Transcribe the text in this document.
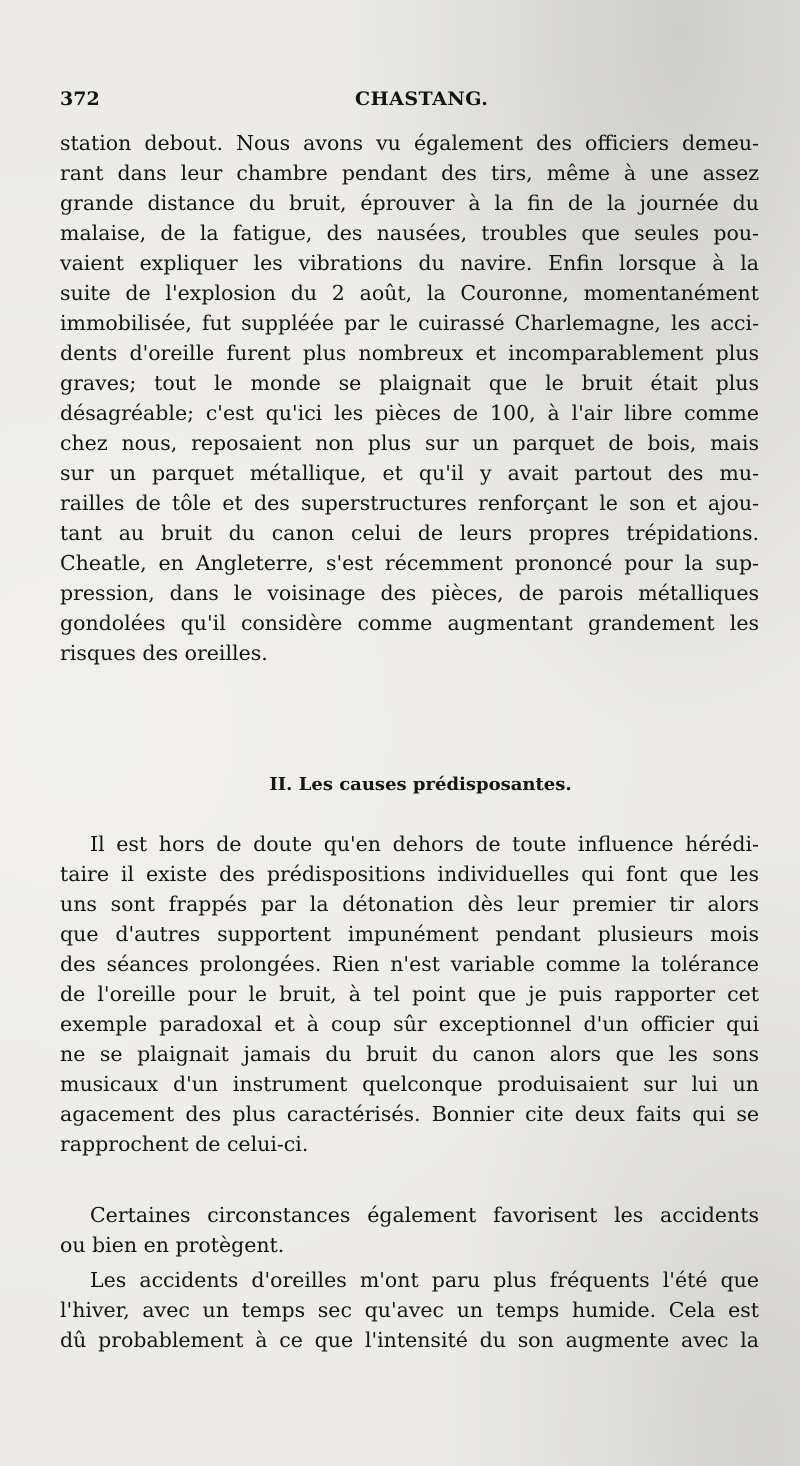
372	CHASTANG.
station debout. Nous avons vu également des officiers demeu-
rant dans leur chambre pendant des tirs, même à une assez
grande distance du bruit, éprouver à la fin de la journée du
malaise, de la fatigue, des nausées, troubles que seules pou-
vaient expliquer les vibrations du navire. Enfin lorsque à la
suite de l'explosion du 2 août, la Couronne, momentanément
immobilisée, fut suppléée par le cuirassé Charlemagne, les acci-
dents d'oreille furent plus nombreux et incomparablement plus
graves; tout le monde se plaignait que le bruit était plus
désagréable; c'est qu'ici les pièces de 100, à l'air libre comme
chez nous, reposaient non plus sur un parquet de bois, mais
sur un parquet métallique, et qu'il y avait partout des mu-
railles de tôle et des superstructures renforçant le son et ajou-
tant au bruit du canon celui de leurs propres trépidations.
Cheatle, en Angleterre, s'est récemment prononcé pour la sup-
pression, dans le voisinage des pièces, de parois métalliques
gondolées qu'il considère comme augmentant grandement les
risques des oreilles.
II. Les causes prédisposantes.
Il est hors de doute qu'en dehors de toute influence hérédi-
taire il existe des prédispositions individuelles qui font que les
uns sont frappés par la détonation dès leur premier tir alors
que d'autres supportent impunément pendant plusieurs mois
des séances prolongées. Rien n'est variable comme la tolérance
de l'oreille pour le bruit, à tel point que je puis rapporter cet
exemple paradoxal et à coup sûr exceptionnel d'un officier qui
ne se plaignait jamais du bruit du canon alors que les sons
musicaux d'un instrument quelconque produisaient sur lui un
agacement des plus caractérisés. Bonnier cite deux faits qui se
rapprochent de celui-ci.
Certaines circonstances également favorisent les accidents
ou bien en protègent.
Les accidents d'oreilles m'ont paru plus fréquents l'été que
l'hiver, avec un temps sec qu'avec un temps humide. Cela est
dû probablement à ce que l'intensité du son augmente avec la
